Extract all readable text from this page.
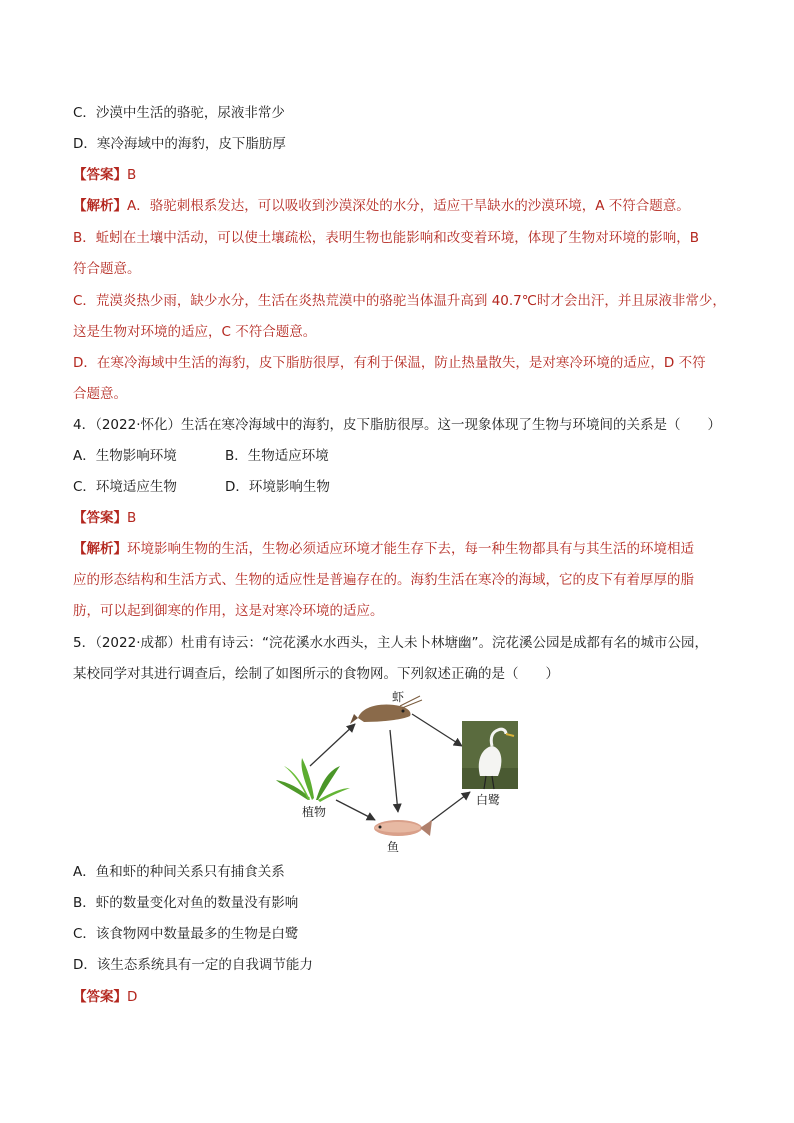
C．沙漠中生活的骆驼，尿液非常少
D．寒冷海域中的海豹，皮下脂肪厚
【答案】B
【解析】A．骆驼刺根系发达，可以吸收到沙漠深处的水分，适应干旱缺水的沙漠环境，A 不符合题意。
B．蚯蚓在土壤中活动，可以使土壤疏松，表明生物也能影响和改变着环境，体现了生物对环境的影响，B
符合题意。
C．荒漠炎热少雨，缺少水分，生活在炎热荒漠中的骆驼当体温升高到 40.7℃时才会出汗，并且尿液非常少，
这是生物对环境的适应，C 不符合题意。
D．在寒冷海域中生活的海豹，皮下脂肪很厚，有利于保温，防止热量散失，是对寒冷环境的适应，D 不符
合题意。
4．（2022·怀化）生活在寒冷海域中的海豹，皮下脂肪很厚。这一现象体现了生物与环境间的关系是（　　）
A．生物影响环境	B．生物适应环境
C．环境适应生物	D．环境影响生物
【答案】B
【解析】环境影响生物的生活，生物必须适应环境才能生存下去，每一种生物都具有与其生活的环境相适
应的形态结构和生活方式、生物的适应性是普遍存在的。海豹生活在寒冷的海域，它的皮下有着厚厚的脂
肪，可以起到御寒的作用，这是对寒冷环境的适应。
5．（2022·成都）杜甫有诗云：“浣花溪水水西头，主人未卜林塘幽”。浣花溪公园是成都有名的城市公园，
某校同学对其进行调查后，绘制了如图所示的食物网。下列叙述正确的是（　　）
虾
植物
鱼
白鹭
A．鱼和虾的种间关系只有捕食关系
B．虾的数量变化对鱼的数量没有影响
C．该食物网中数量最多的生物是白鹭
D．该生态系统具有一定的自我调节能力
【答案】D
